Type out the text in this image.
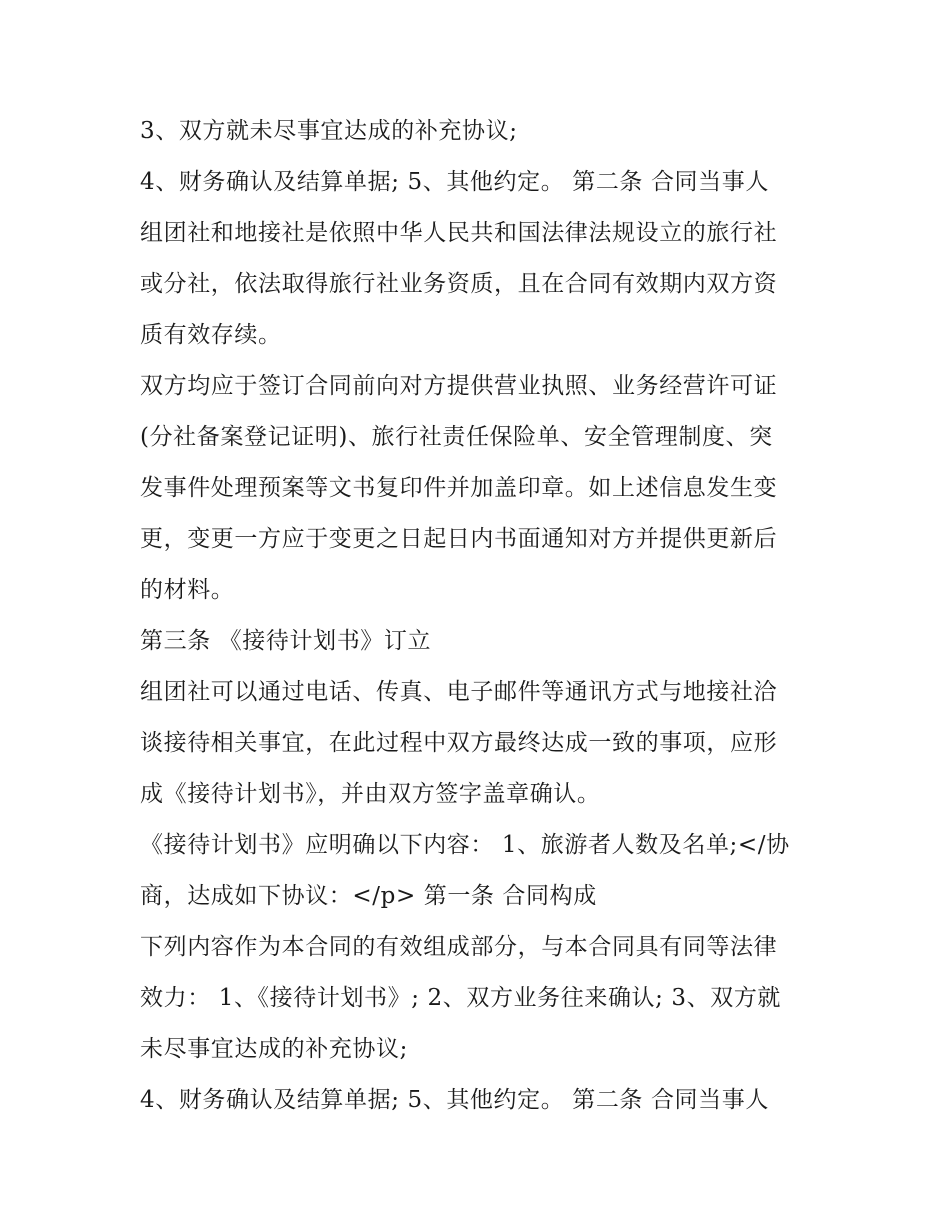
3、双方就未尽事宜达成的补充协议;
4、财务确认及结算单据; 5、其他约定。 第二条 合同当事人
组团社和地接社是依照中华人民共和国法律法规设立的旅行社
或分社，依法取得旅行社业务资质，且在合同有效期内双方资
质有效存续。
双方均应于签订合同前向对方提供营业执照、业务经营许可证
(分社备案登记证明)、旅行社责任保险单、安全管理制度、突
发事件处理预案等文书复印件并加盖印章。如上述信息发生变
更，变更一方应于变更之日起日内书面通知对方并提供更新后
的材料。
第三条 《接待计划书》订立
组团社可以通过电话、传真、电子邮件等通讯方式与地接社洽
谈接待相关事宜，在此过程中双方最终达成一致的事项，应形
成《接待计划书》，并由双方签字盖章确认。
《接待计划书》应明确以下内容： 1、旅游者人数及名单;</协
商，达成如下协议：</p> 第一条 合同构成
下列内容作为本合同的有效组成部分，与本合同具有同等法律
效力： 1、《接待计划书》; 2、双方业务往来确认; 3、双方就
未尽事宜达成的补充协议;
4、财务确认及结算单据; 5、其他约定。 第二条 合同当事人
